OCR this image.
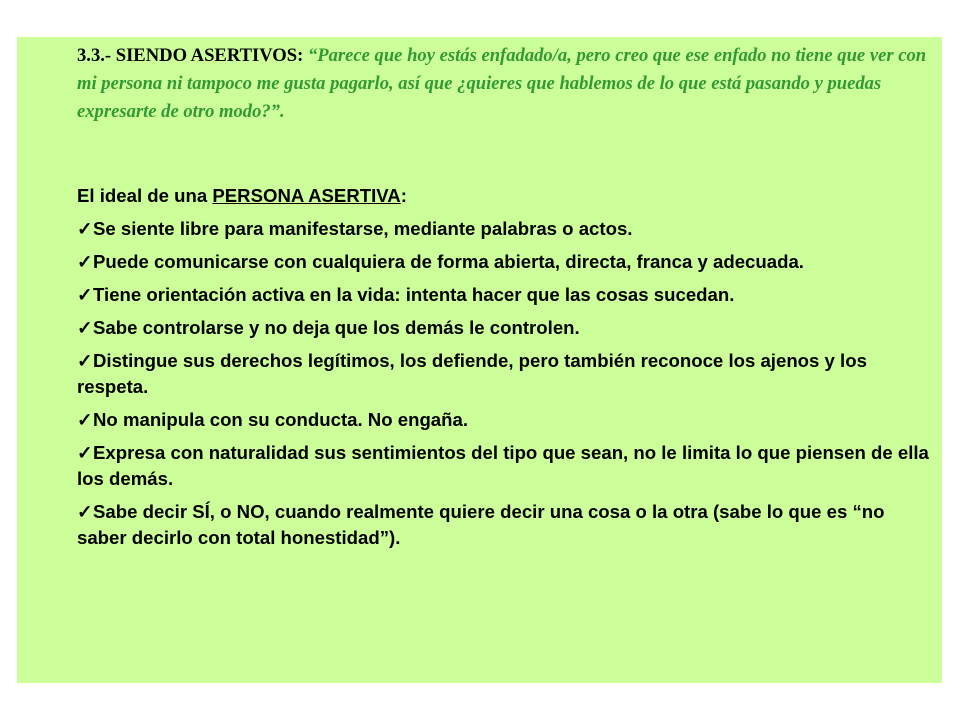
3.3.- SIENDO ASERTIVOS: “Parece que hoy estás enfadado/a, pero creo que ese enfado no tiene que ver con mi persona ni tampoco me gusta pagarlo, así que ¿quieres que hablemos de lo que está pasando y puedas expresarte de otro modo?”.

El ideal de una PERSONA ASERTIVA:

✓Se siente libre para manifestarse, mediante palabras o actos.
✓Puede comunicarse con cualquiera de forma abierta, directa, franca y adecuada.
✓Tiene orientación activa en la vida: intenta hacer que las cosas sucedan.
✓Sabe controlarse y no deja que los demás le controlen.
✓Distingue sus derechos legítimos, los defiende, pero también reconoce los ajenos y los respeta.
✓No manipula con su conducta. No engaña.
✓Expresa con naturalidad sus sentimientos del tipo que sean, no le limita lo que piensen de ella los demás.
✓Sabe decir SÍ, o NO, cuando realmente quiere decir una cosa o la otra (sabe lo que es “no saber decirlo con total honestidad”).
